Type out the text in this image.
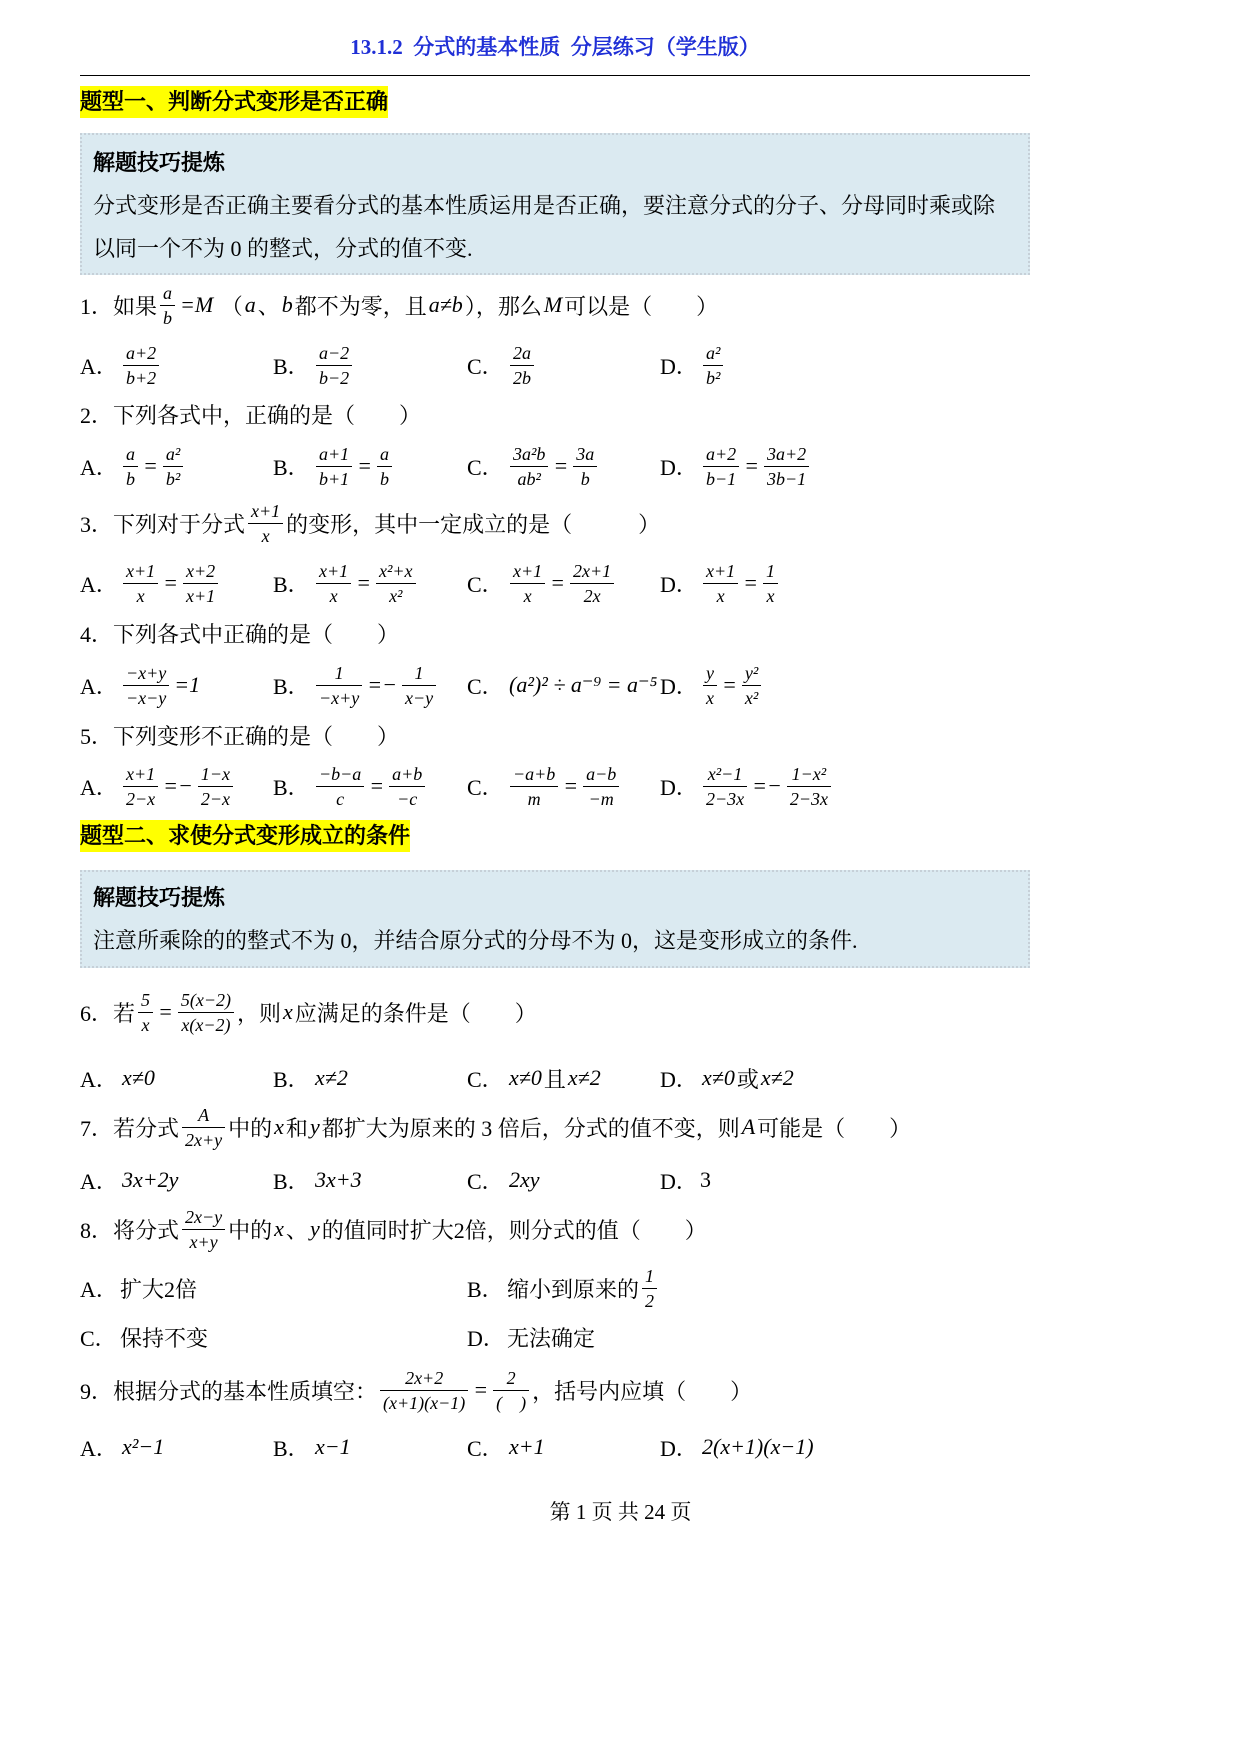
13.1.2  分式的基本性质  分层练习（学生版）
题型一、判断分式变形是否正确
解题技巧提炼
分式变形是否正确主要看分式的基本性质运用是否正确，要注意分式的分子、分母同时乘或除以同一个不为 0 的整式，分式的值不变.
1．如果 $\frac{a}{b} =M$ （ a 、 b 都不为零，且 a≠b ），那么 M 可以是（　　）
A． $\frac{a+2}{b+2}$	B． $\frac{a-2}{b-2}$	C． $\frac{2a}{2b}$	D． $\frac{\text{a²}}{\text{b²}}$
2．下列各式中，正确的是（　　）
A． $\frac{a}{b} = \frac{\text{a²}}{\text{b²}}$	B． $\frac{a+1}{b+1} = \frac{a}{b}$	C． $\frac{\text{3a²b}}{\text{ab²}} = \frac{3a}{b}$	D． $\frac{a+2}{b-1} = \frac{3a+2}{3b-1}$
3．下列对于分式 $\frac{x+1}{x}$ 的变形，其中一定成立的是（　　　）
A． $\frac{x+1}{x} = \frac{x+2}{x+1}$ B． $\frac{x+1}{x} = \frac{\text{x²+x}}{\text{x²}}$ C． $\frac{x+1}{x} = \frac{2x+1}{2x}$ D． $\frac{x+1}{x} = \frac{1}{x}$
4．下列各式中正确的是（　　）
A． $\frac{-x+y}{-x-y} =1$	B． $\frac{1}{-x+y} =- \frac{1}{x-y}$ C． (a²)² ÷ a⁻⁹ = a⁻⁵ D． $\frac{y}{x} = \frac{\text{y²}}{\text{x²}}$
5．下列变形不正确的是（　　）
A． $\frac{x+1}{2-x} =- \frac{1-x}{2-x}$ B． $\frac{-b-a}{c} = \frac{a+b}{-c}$ C． $\frac{-a+b}{m} = \frac{a-b}{-m}$ D． $\frac{\text{x²−1}}{2-3x} =- \frac{\text{1−x²}}{2-3x}$
题型二、求使分式变形成立的条件
解题技巧提炼
注意所乘除的的整式不为 0，并结合原分式的分母不为 0，这是变形成立的条件.
6．若 $\frac{5}{x} = \frac{5(x-2)}{x(x-2)}$ ，则 x 应满足的条件是（　　）
A． x≠0	B． x≠2	C． x≠0 且 x≠2	D． x≠0 或 x≠2
7．若分式 $\frac{A}{2x+y}$ 中的 x 和 y 都扩大为原来的 3 倍后，分式的值不变，则 A 可能是（　　）
A． 3x+2y	B． 3x+3	C． 2xy	D． 3
8．将分式 $\frac{2x-y}{x+y}$ 中的 x 、 y 的值同时扩大2倍，则分式的值（　　）
A． 扩大2倍	B． 缩小到原来的 $\frac{1}{2}$
C． 保持不变	D． 无法确定
9．根据分式的基本性质填空： $\frac{2x+2}{(x+1)(x-1)} = \frac{2}{( )}$ ，括号内应填（　　）
A． x²−1	B． x−1	C． x+1	D． 2(x+1)(x−1)
第 1 页 共 24 页
